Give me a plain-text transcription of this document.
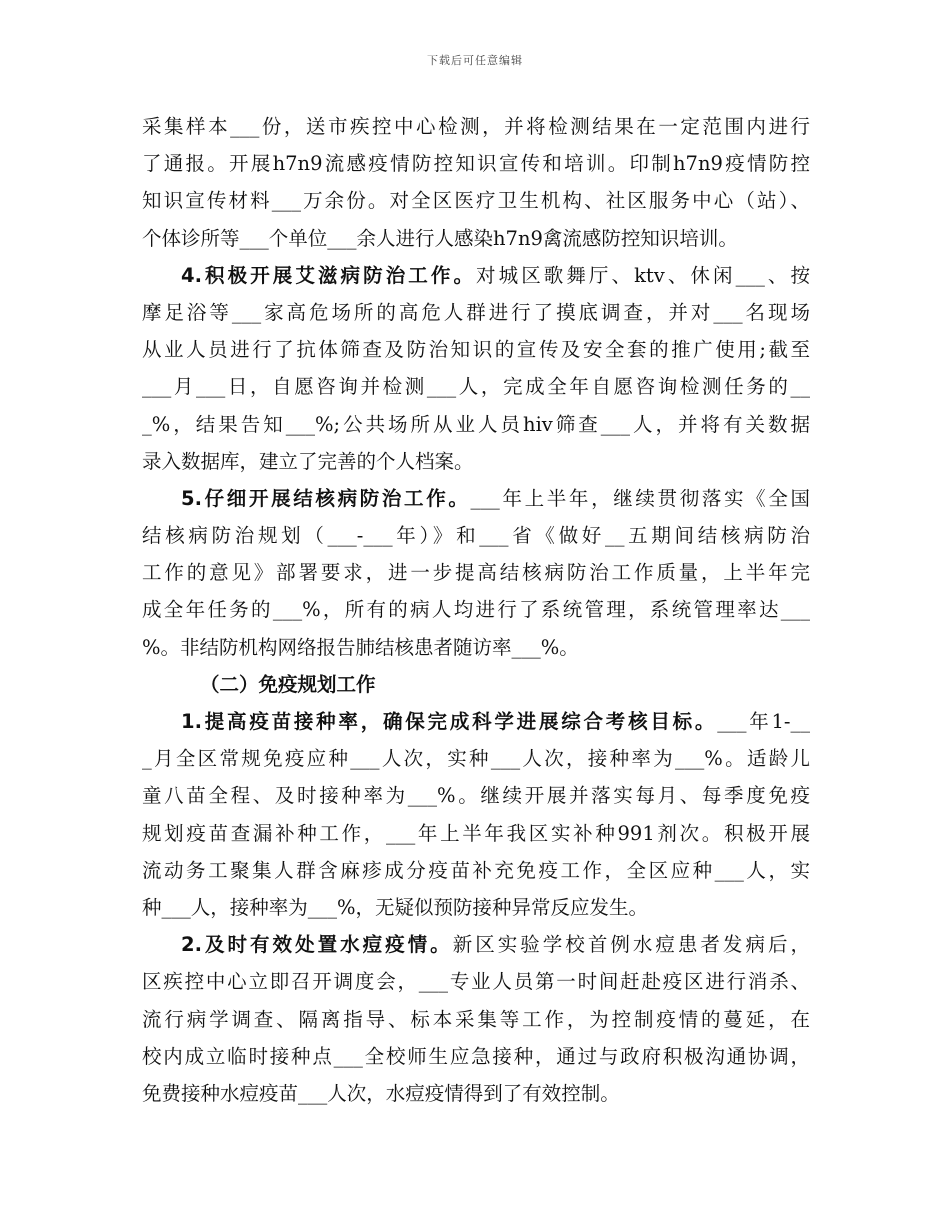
下载后可任意编辑
采集样本___份，送市疾控中心检测，并将检测结果在一定范围内进行
了通报。开展h7n9流感疫情防控知识宣传和培训。印制h7n9疫情防控
知识宣传材料___万余份。对全区医疗卫生机构、社区服务中心（站）、
个体诊所等___个单位___余人进行人感染h7n9禽流感防控知识培训。
4.积极开展艾滋病防治工作。对城区歌舞厅、ktv、休闲___、按
摩足浴等___家高危场所的高危人群进行了摸底调查，并对___名现场
从业人员进行了抗体筛查及防治知识的宣传及安全套的推广使用;截至
___月___日，自愿咨询并检测___人，完成全年自愿咨询检测任务的__
_%，结果告知___%;公共场所从业人员hiv筛查___人，并将有关数据
录入数据库，建立了完善的个人档案。
5.仔细开展结核病防治工作。___年上半年，继续贯彻落实《全国
结核病防治规划（___-___年）》和___省《做好__五期间结核病防治
工作的意见》部署要求，进一步提高结核病防治工作质量，上半年完
成全年任务的___%，所有的病人均进行了系统管理，系统管理率达___
%。非结防机构网络报告肺结核患者随访率___%。
（二）免疫规划工作
1.提高疫苗接种率，确保完成科学进展综合考核目标。___年1-__
_月全区常规免疫应种___人次，实种___人次，接种率为___%。适龄儿
童八苗全程、及时接种率为___%。继续开展并落实每月、每季度免疫
规划疫苗查漏补种工作，___年上半年我区实补种991剂次。积极开展
流动务工聚集人群含麻疹成分疫苗补充免疫工作，全区应种___人，实
种___人，接种率为___%，无疑似预防接种异常反应发生。
2.及时有效处置水痘疫情。新区实验学校首例水痘患者发病后，
区疾控中心立即召开调度会，___专业人员第一时间赶赴疫区进行消杀、
流行病学调查、隔离指导、标本采集等工作，为控制疫情的蔓延，在
校内成立临时接种点___全校师生应急接种，通过与政府积极沟通协调，
免费接种水痘疫苗___人次，水痘疫情得到了有效控制。
